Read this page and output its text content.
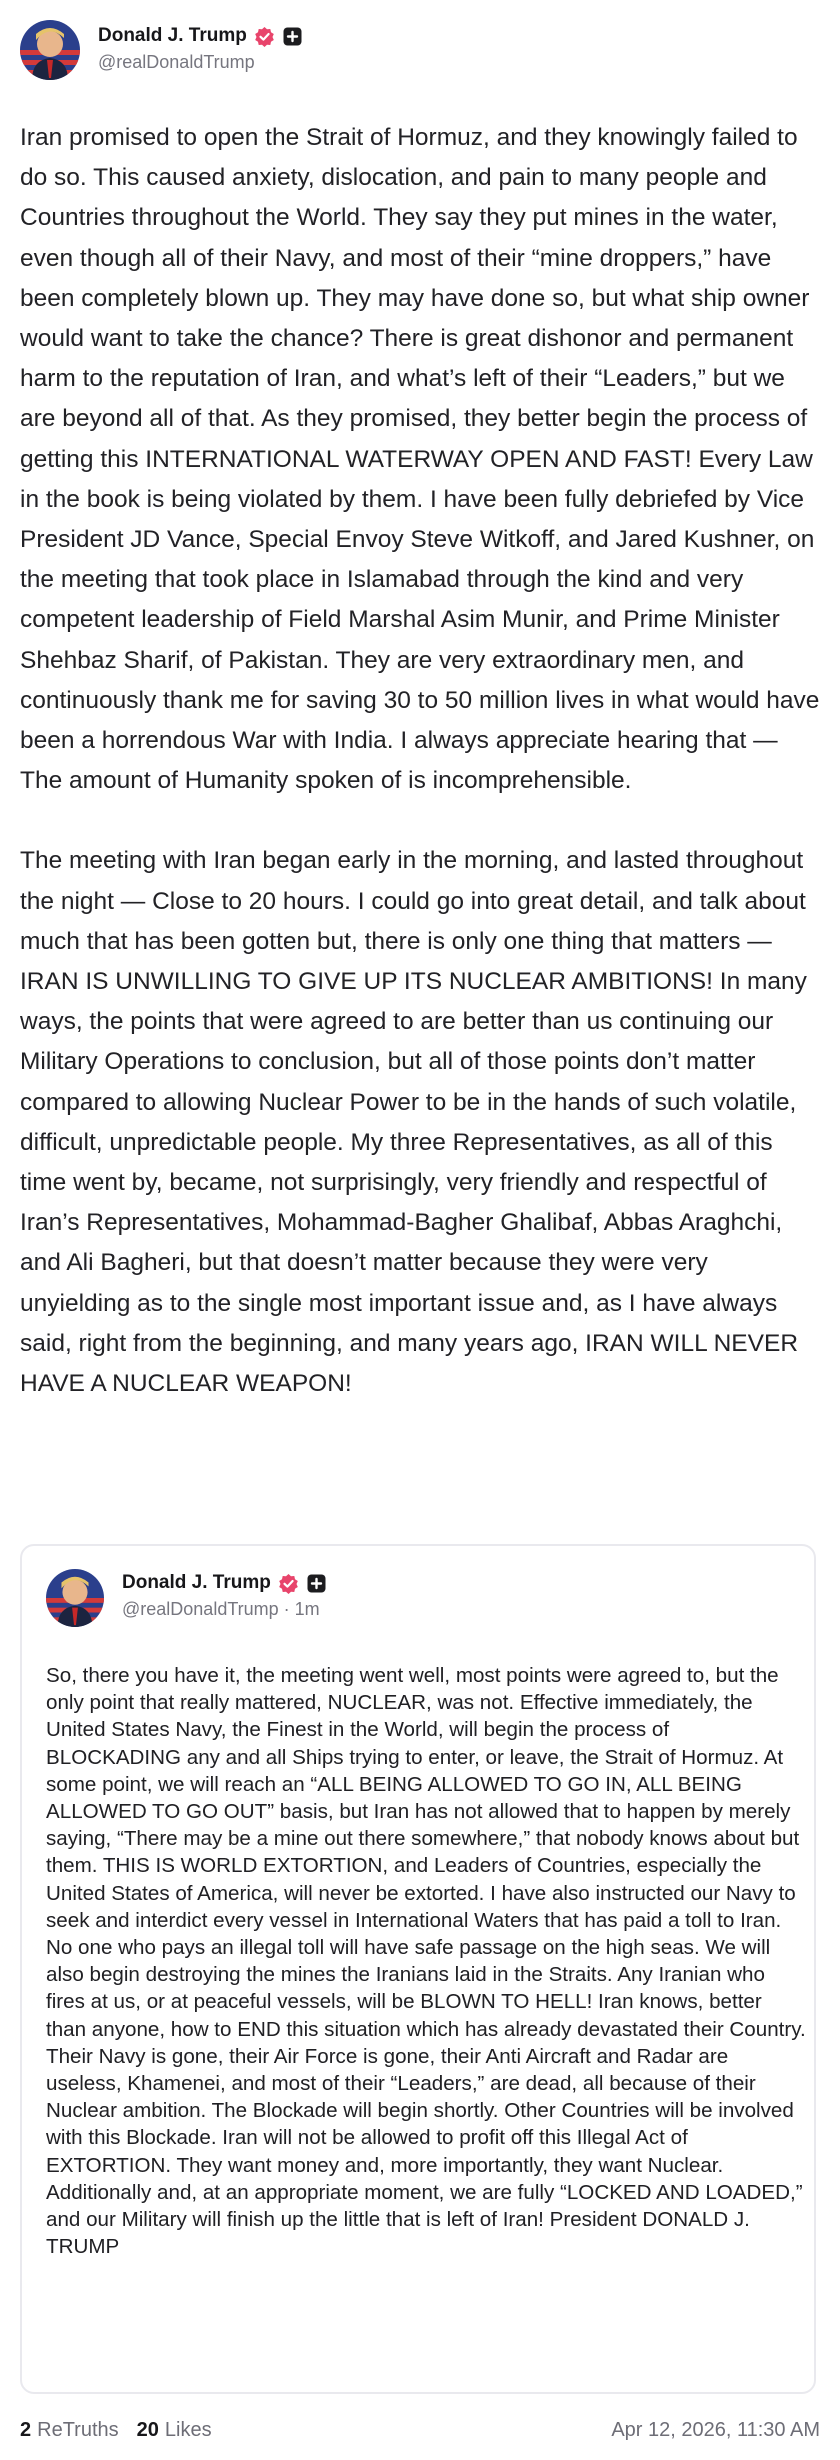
Donald J. Trump
@realDonaldTrump

Iran promised to open the Strait of Hormuz, and they knowingly failed to do so. This caused anxiety, dislocation, and pain to many people and Countries throughout the World. They say they put mines in the water, even though all of their Navy, and most of their “mine droppers,” have been completely blown up. They may have done so, but what ship owner would want to take the chance? There is great dishonor and permanent harm to the reputation of Iran, and what’s left of their “Leaders,” but we are beyond all of that. As they promised, they better begin the process of getting this INTERNATIONAL WATERWAY OPEN AND FAST! Every Law in the book is being violated by them. I have been fully debriefed by Vice President JD Vance, Special Envoy Steve Witkoff, and Jared Kushner, on the meeting that took place in Islamabad through the kind and very competent leadership of Field Marshal Asim Munir, and Prime Minister Shehbaz Sharif, of Pakistan. They are very extraordinary men, and continuously thank me for saving 30 to 50 million lives in what would have been a horrendous War with India. I always appreciate hearing that — The amount of Humanity spoken of is incomprehensible.

The meeting with Iran began early in the morning, and lasted throughout the night — Close to 20 hours. I could go into great detail, and talk about much that has been gotten but, there is only one thing that matters — IRAN IS UNWILLING TO GIVE UP ITS NUCLEAR AMBITIONS! In many ways, the points that were agreed to are better than us continuing our Military Operations to conclusion, but all of those points don’t matter compared to allowing Nuclear Power to be in the hands of such volatile, difficult, unpredictable people. My three Representatives, as all of this time went by, became, not surprisingly, very friendly and respectful of Iran’s Representatives, Mohammad-Bagher Ghalibaf, Abbas Araghchi, and Ali Bagheri, but that doesn’t matter because they were very unyielding as to the single most important issue and, as I have always said, right from the beginning, and many years ago, IRAN WILL NEVER HAVE A NUCLEAR WEAPON!

Donald J. Trump
@realDonaldTrump · 1m
So, there you have it, the meeting went well, most points were agreed to, but the only point that really mattered, NUCLEAR, was not. Effective immediately, the United States Navy, the Finest in the World, will begin the process of BLOCKADING any and all Ships trying to enter, or leave, the Strait of Hormuz. At some point, we will reach an “ALL BEING ALLOWED TO GO IN, ALL BEING ALLOWED TO GO OUT” basis, but Iran has not allowed that to happen by merely saying, “There may be a mine out there somewhere,” that nobody knows about but them. THIS IS WORLD EXTORTION, and Leaders of Countries, especially the United States of America, will never be extorted. I have also instructed our Navy to seek and interdict every vessel in International Waters that has paid a toll to Iran. No one who pays an illegal toll will have safe passage on the high seas. We will also begin destroying the mines the Iranians laid in the Straits. Any Iranian who fires at us, or at peaceful vessels, will be BLOWN TO HELL! Iran knows, better than anyone, how to END this situation which has already devastated their Country. Their Navy is gone, their Air Force is gone, their Anti Aircraft and Radar are useless, Khamenei, and most of their “Leaders,” are dead, all because of their Nuclear ambition. The Blockade will begin shortly. Other Countries will be involved with this Blockade. Iran will not be allowed to profit off this Illegal Act of EXTORTION. They want money and, more importantly, they want Nuclear. Additionally and, at an appropriate moment, we are fully “LOCKED AND LOADED,” and our Military will finish up the little that is left of Iran! President DONALD J. TRUMP
2 ReTruths 20 Likes	Apr 12, 2026, 11:30 AM
